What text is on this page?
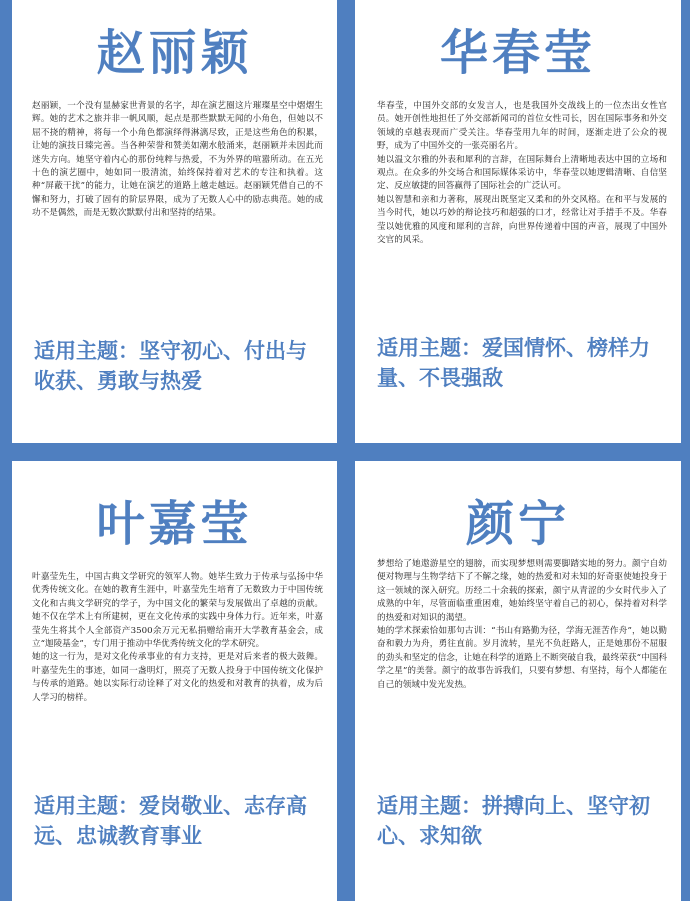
赵丽颖

赵丽颖，一个没有显赫家世背景的名字，却在演艺圈这片璀璨星空中熠熠生辉。她的艺术之旅并非一帆风顺，起点是那些默默无闻的小角色，但她以不屈不挠的精神，将每一个小角色都演绎得淋漓尽致，正是这些角色的积累，让她的演技日臻完善。当各种荣誉和赞美如潮水般涌来，赵丽颖并未因此而迷失方向。她坚守着内心的那份纯粹与热爱，不为外界的喧嚣所动。在五光十色的演艺圈中，她如同一股清流，始终保持着对艺术的专注和执着。这种“屏蔽干扰”的能力，让她在演艺的道路上越走越远。赵丽颖凭借自己的不懈和努力，打破了固有的阶层界限，成为了无数人心中的励志典范。她的成功不是偶然，而是无数次默默付出和坚持的结果。

适用主题：坚守初心、付出与收获、勇敢与热爱
华春莹

华春莹，中国外交部的女发言人，也是我国外交战线上的一位杰出女性官员。她开创性地担任了外交部新闻司的首位女性司长，因在国际事务和外交领域的卓越表现而广受关注。华春莹用九年的时间，逐渐走进了公众的视野，成为了中国外交的一张亮丽名片。

她以温文尔雅的外表和犀利的言辞，在国际舞台上清晰地表达中国的立场和观点。在众多的外交场合和国际媒体采访中，华春莹以她逻辑清晰、自信坚定、反应敏捷的回答赢得了国际社会的广泛认可。

她以智慧和亲和力著称，展现出既坚定又柔和的外交风格。在和平与发展的当今时代，她以巧妙的辩论技巧和超强的口才，经常让对手措手不及。华春莹以她优雅的风度和犀利的言辞，向世界传递着中国的声音，展现了中国外交官的风采。

适用主题：爱国情怀、榜样力量、不畏强敌
叶嘉莹

叶嘉莹先生，中国古典文学研究的领军人物。她毕生致力于传承与弘扬中华优秀传统文化。在她的教育生涯中，叶嘉莹先生培育了无数致力于中国传统文化和古典文学研究的学子，为中国文化的繁荣与发展做出了卓越的贡献。她不仅在学术上有所建树，更在文化传承的实践中身体力行。近年来，叶嘉莹先生将其个人全部资产3500余万元无私捐赠给南开大学教育基金会，成立“迦陵基金”，专门用于推动中华优秀传统文化的学术研究。

她的这一行为，是对文化传承事业的有力支持，更是对后来者的极大鼓舞。叶嘉莹先生的事迹，如同一盏明灯，照亮了无数人投身于中国传统文化保护与传承的道路。她以实际行动诠释了对文化的热爱和对教育的执着，成为后人学习的榜样。

适用主题：爱岗敬业、志存高远、忠诚教育事业
颜宁

梦想给了她遨游星空的翅膀，而实现梦想则需要脚踏实地的努力。颜宁自幼便对物理与生物学结下了不解之缘，她的热爱和对未知的好奇驱使她投身于这一领域的深入研究。历经二十余载的探索，颜宁从青涩的少女时代步入了成熟的中年，尽管面临重重困难，她始终坚守着自己的初心，保持着对科学的热爱和对知识的渴望。

她的学术探索恰如那句古训：“书山有路勤为径，学海无涯苦作舟”，她以勤奋和毅力为舟，勇往直前。岁月流转，星光不负赶路人，正是她那份不屈服的劲头和坚定的信念，让她在科学的道路上不断突破自我，最终荣获“中国科学之星”的美誉。颜宁的故事告诉我们，只要有梦想、有坚持，每个人都能在自己的领域中发光发热。

适用主题：拼搏向上、坚守初心、求知欲
